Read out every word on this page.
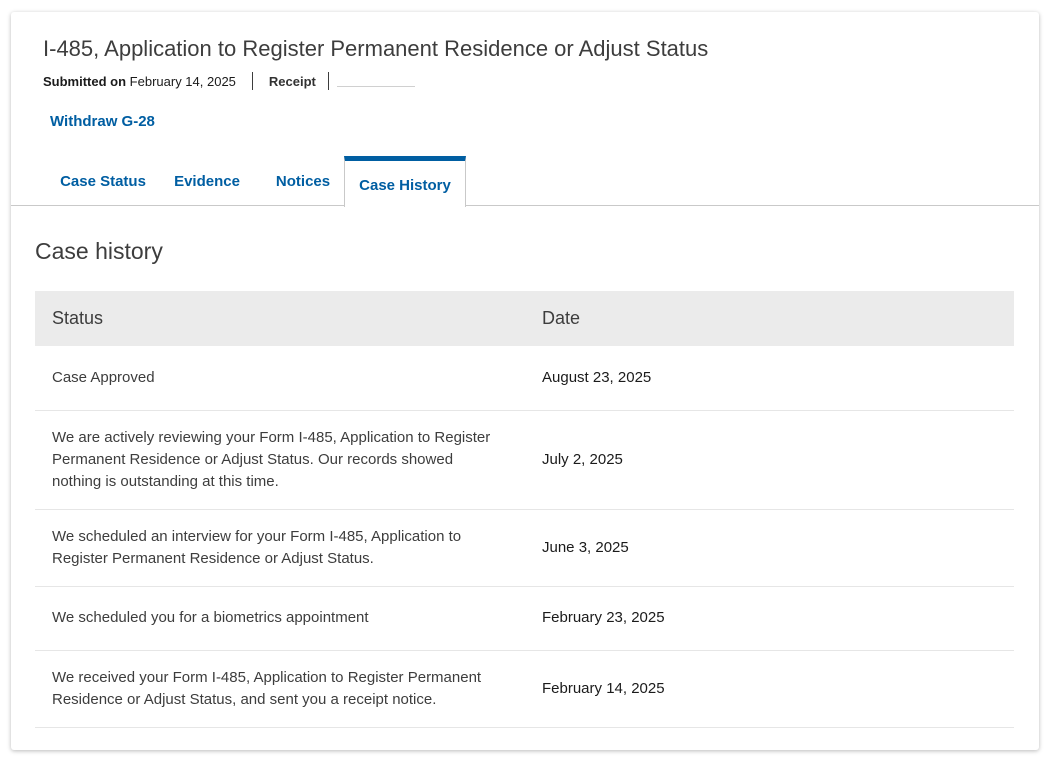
I-485, Application to Register Permanent Residence or Adjust Status
Submitted on
February 14, 2025	Receipt
Withdraw G-28
Case Status	Evidence	Notices	Case History
Case history
Status	Date
Case Approved	August 23, 2025
We are actively reviewing your Form I-485, Application to Register Permanent Residence or Adjust Status. Our records showed nothing is outstanding at this time.	July 2, 2025
We scheduled an interview for your Form I-485, Application to Register Permanent Residence or Adjust Status.	June 3, 2025
We scheduled you for a biometrics appointment	February 23, 2025
We received your Form I-485, Application to Register Permanent Residence or Adjust Status, and sent you a receipt notice.	February 14, 2025
